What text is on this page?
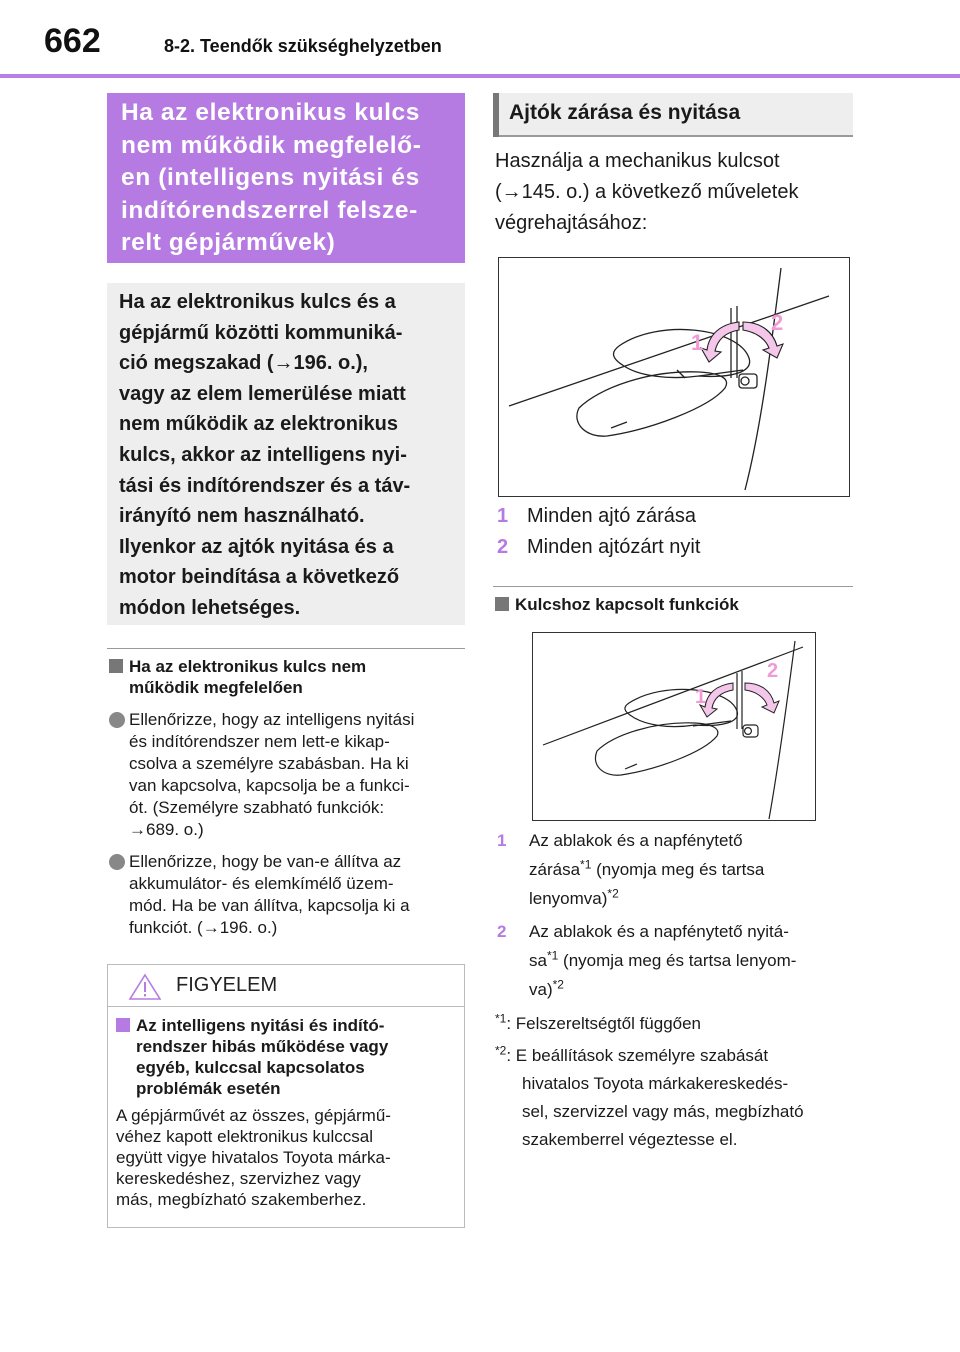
662	8-2. Teendők szükséghelyzetben
Ha az elektronikus kulcs
nem működik megfelelő-
en (intelligens nyitási és
indítórendszerrel felsze-
relt gépjárművek)
Ha az elektronikus kulcs és a
gépjármű közötti kommuniká-
ció megszakad (→196. o.),
vagy az elem lemerülése miatt
nem működik az elektronikus
kulcs, akkor az intelligens nyi-
tási és indítórendszer és a táv-
irányító nem használható.
Ilyenkor az ajtók nyitása és a
motor beindítása a következő
módon lehetséges.
Ha az elektronikus kulcs nem
működik megfelelően
Ellenőrizze, hogy az intelligens nyitási
és indítórendszer nem lett-e kikap-
csolva a személyre szabásban. Ha ki
van kapcsolva, kapcsolja be a funkci-
ót. (Személyre szabható funkciók:
→689. o.)
Ellenőrizze, hogy be van-e állítva az
akkumulátor- és elemkímélő üzem-
mód. Ha be van állítva, kapcsolja ki a
funkciót. (→196. o.)
FIGYELEM
Az intelligens nyitási és indító-
rendszer hibás működése vagy
egyéb, kulccsal kapcsolatos
problémák esetén
A gépjárművét az összes, gépjármű-
véhez kapott elektronikus kulccsal
együtt vigye hivatalos Toyota márka-
kereskedéshez, szervizhez vagy
más, megbízható szakemberhez.
Ajtók zárása és nyitása
Használja a mechanikus kulcsot
(→145. o.) a következő műveletek
végrehajtásához:
1
2
1 Minden ajtó zárása
2 Minden ajtózárt nyit
Kulcshoz kapcsolt funkciók
1
2
1 Az ablakok és a napfénytető
zárása$^{*1}$ (nyomja meg és tartsa
lenyomva)$^{*2}$
2 Az ablakok és a napfénytető nyitá-
$sa^{*1}$ (nyomja meg és tartsa lenyom-
va)$^{*2}$
$^{*1}$: Felszereltségtől függően
$^{*2}$: E beállítások személyre szabását
hivatalos Toyota márkakereskedés-
sel, szervizzel vagy más, megbízható
szakemberrel végeztesse el.
